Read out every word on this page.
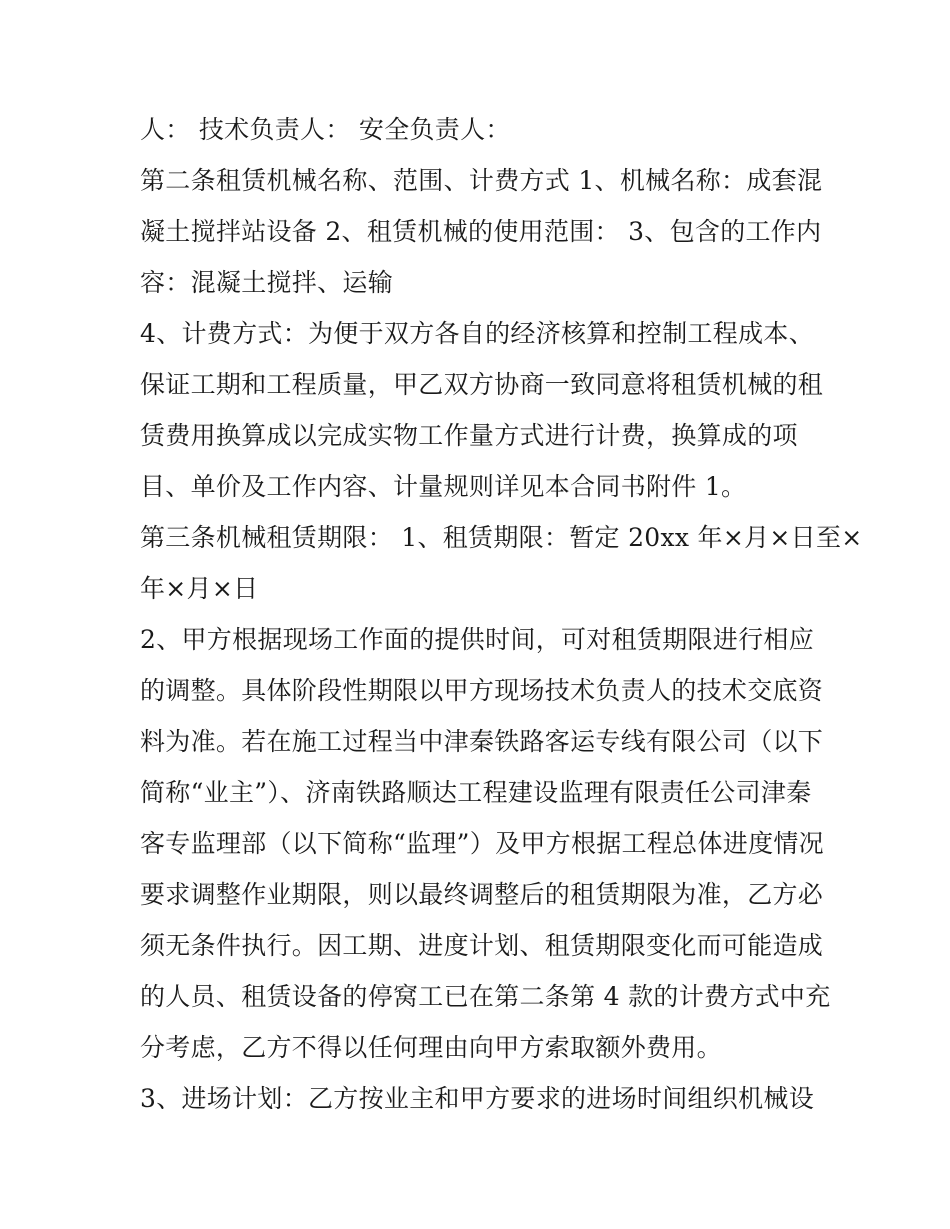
人： 技术负责人： 安全负责人：
第二条租赁机械名称、范围、计费方式 1、机械名称：成套混
凝土搅拌站设备 2、租赁机械的使用范围： 3、包含的工作内
容：混凝土搅拌、运输
4、计费方式：为便于双方各自的经济核算和控制工程成本、
保证工期和工程质量，甲乙双方协商一致同意将租赁机械的租
赁费用换算成以完成实物工作量方式进行计费，换算成的项
目、单价及工作内容、计量规则详见本合同书附件 1。
第三条机械租赁期限： 1、租赁期限：暂定 20xx 年×月×日至×
年×月×日
2、甲方根据现场工作面的提供时间，可对租赁期限进行相应
的调整。具体阶段性期限以甲方现场技术负责人的技术交底资
料为准。若在施工过程当中津秦铁路客运专线有限公司（以下
简称“业主”）、济南铁路顺达工程建设监理有限责任公司津秦
客专监理部（以下简称“监理”）及甲方根据工程总体进度情况
要求调整作业期限，则以最终调整后的租赁期限为准，乙方必
须无条件执行。因工期、进度计划、租赁期限变化而可能造成
的人员、租赁设备的停窝工已在第二条第 4 款的计费方式中充
分考虑，乙方不得以任何理由向甲方索取额外费用。
3、进场计划：乙方按业主和甲方要求的进场时间组织机械设
